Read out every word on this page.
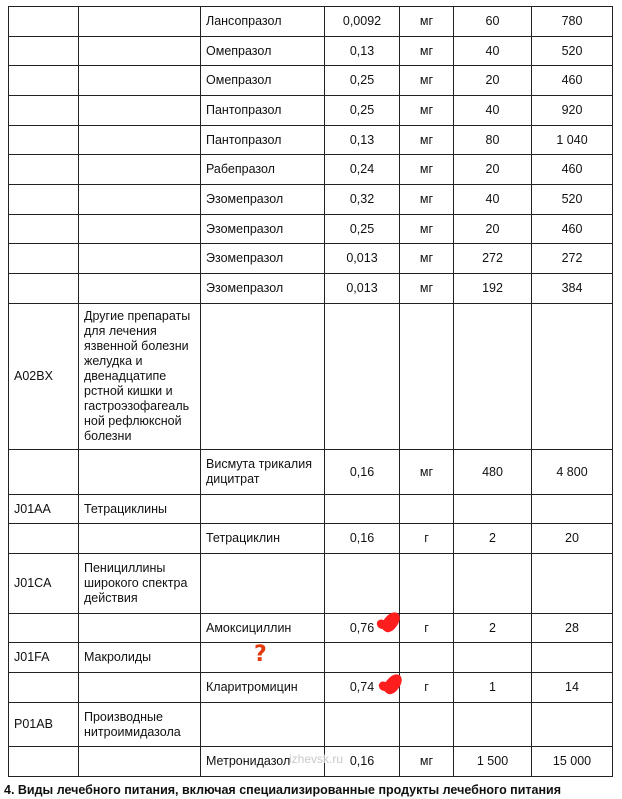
		Лансопразол	0,0092	мг	60	780
		Омепразол	0,13	мг	40	520
		Омепразол	0,25	мг	20	460
		Пантопразол	0,25	мг	40	920
		Пантопразол	0,13	мг	80	1 040
		Рабепразол	0,24	мг	20	460
		Эзомепразол	0,32	мг	40	520
		Эзомепразол	0,25	мг	20	460
		Эзомепразол	0,013	мг	272	272
		Эзомепразол	0,013	мг	192	384
A02BX	Другие препараты для лечения язвенной болезни желудка и двенадцатипе рстной кишки и гастроэзофагеаль ной рефлюксной болезни					
		Висмута трикалия дицитрат	0,16	мг	480	4 800
J01AA	Тетрациклины					
		Тетрациклин	0,16	г	2	20
J01CA	Пенициллины широкого спектра действия					
		Амоксициллин	0,76	г	2	28
J01FA	Макролиды					
		Кларитромицин	0,74	г	1	14
P01AB	Производные нитроимидазола					
		Метронидазол	0,16	мг	1 500	15 000
?
izhevsk.ru
4. Виды лечебного питания, включая специализированные продукты лечебного питания
